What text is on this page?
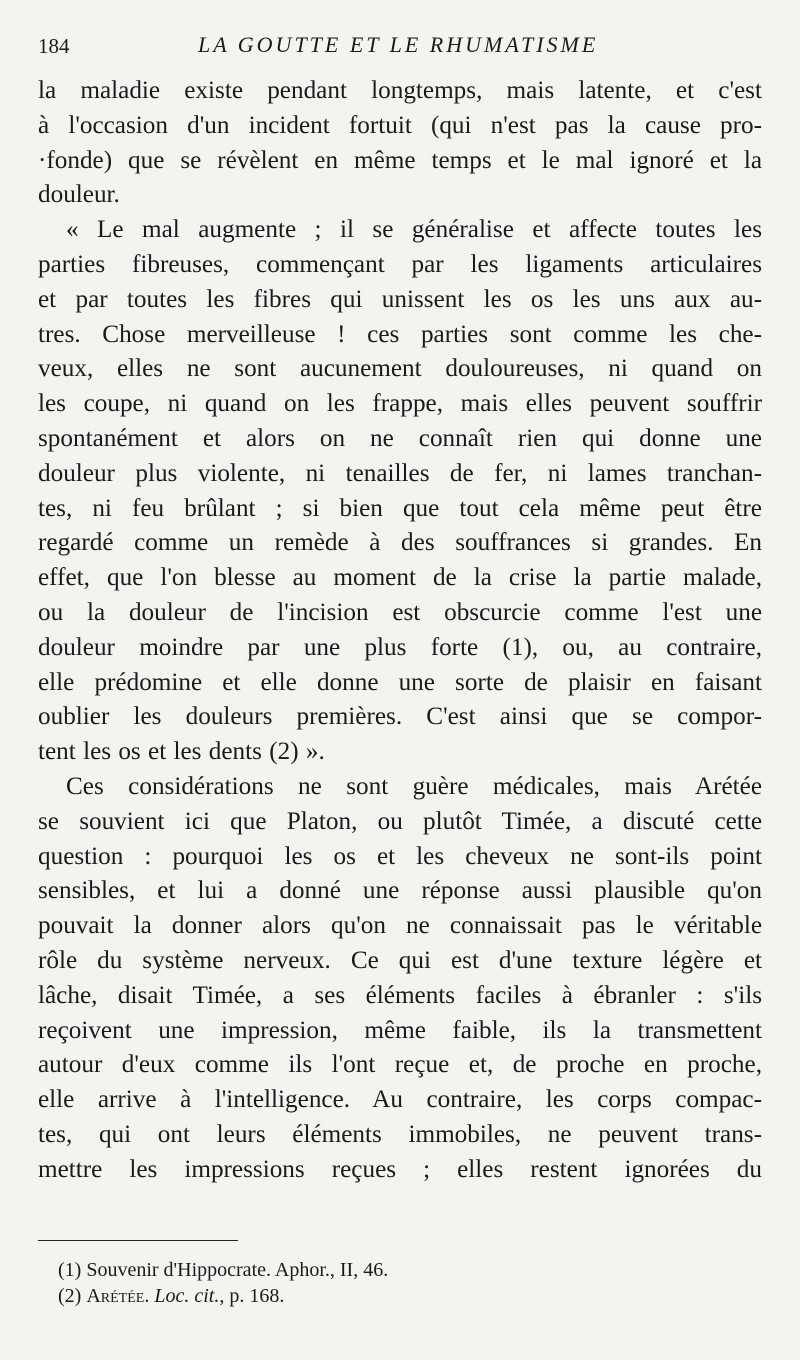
184	LA GOUTTE ET LE RHUMATISME
la maladie existe pendant longtemps, mais latente, et c'est
à l'occasion d'un incident fortuit (qui n'est pas la cause pro-
·fonde) que se révèlent en même temps et le mal ignoré et la
douleur.
« Le mal augmente ; il se généralise et affecte toutes les
parties fibreuses, commençant par les ligaments articulaires
et par toutes les fibres qui unissent les os les uns aux au-
tres. Chose merveilleuse ! ces parties sont comme les che-
veux, elles ne sont aucunement douloureuses, ni quand on
les coupe, ni quand on les frappe, mais elles peuvent souffrir
spontanément et alors on ne connaît rien qui donne une
douleur plus violente, ni tenailles de fer, ni lames tranchan-
tes, ni feu brûlant ; si bien que tout cela même peut être
regardé comme un remède à des souffrances si grandes. En
effet, que l'on blesse au moment de la crise la partie malade,
ou la douleur de l'incision est obscurcie comme l'est une
douleur moindre par une plus forte (1), ou, au contraire,
elle prédomine et elle donne une sorte de plaisir en faisant
oublier les douleurs premières. C'est ainsi que se compor-
tent les os et les dents (2) ».
Ces considérations ne sont guère médicales, mais Arétée
se souvient ici que Platon, ou plutôt Timée, a discuté cette
question : pourquoi les os et les cheveux ne sont-ils point
sensibles, et lui a donné une réponse aussi plausible qu'on
pouvait la donner alors qu'on ne connaissait pas le véritable
rôle du système nerveux. Ce qui est d'une texture légère et
lâche, disait Timée, a ses éléments faciles à ébranler : s'ils
reçoivent une impression, même faible, ils la transmettent
autour d'eux comme ils l'ont reçue et, de proche en proche,
elle arrive à l'intelligence. Au contraire, les corps compac-
tes, qui ont leurs éléments immobiles, ne peuvent trans-
mettre les impressions reçues ; elles restent ignorées du
(1) Souvenir d'Hippocrate. Aphor., II, 46.
(2) Arétée. Loc. cit., p. 168.
